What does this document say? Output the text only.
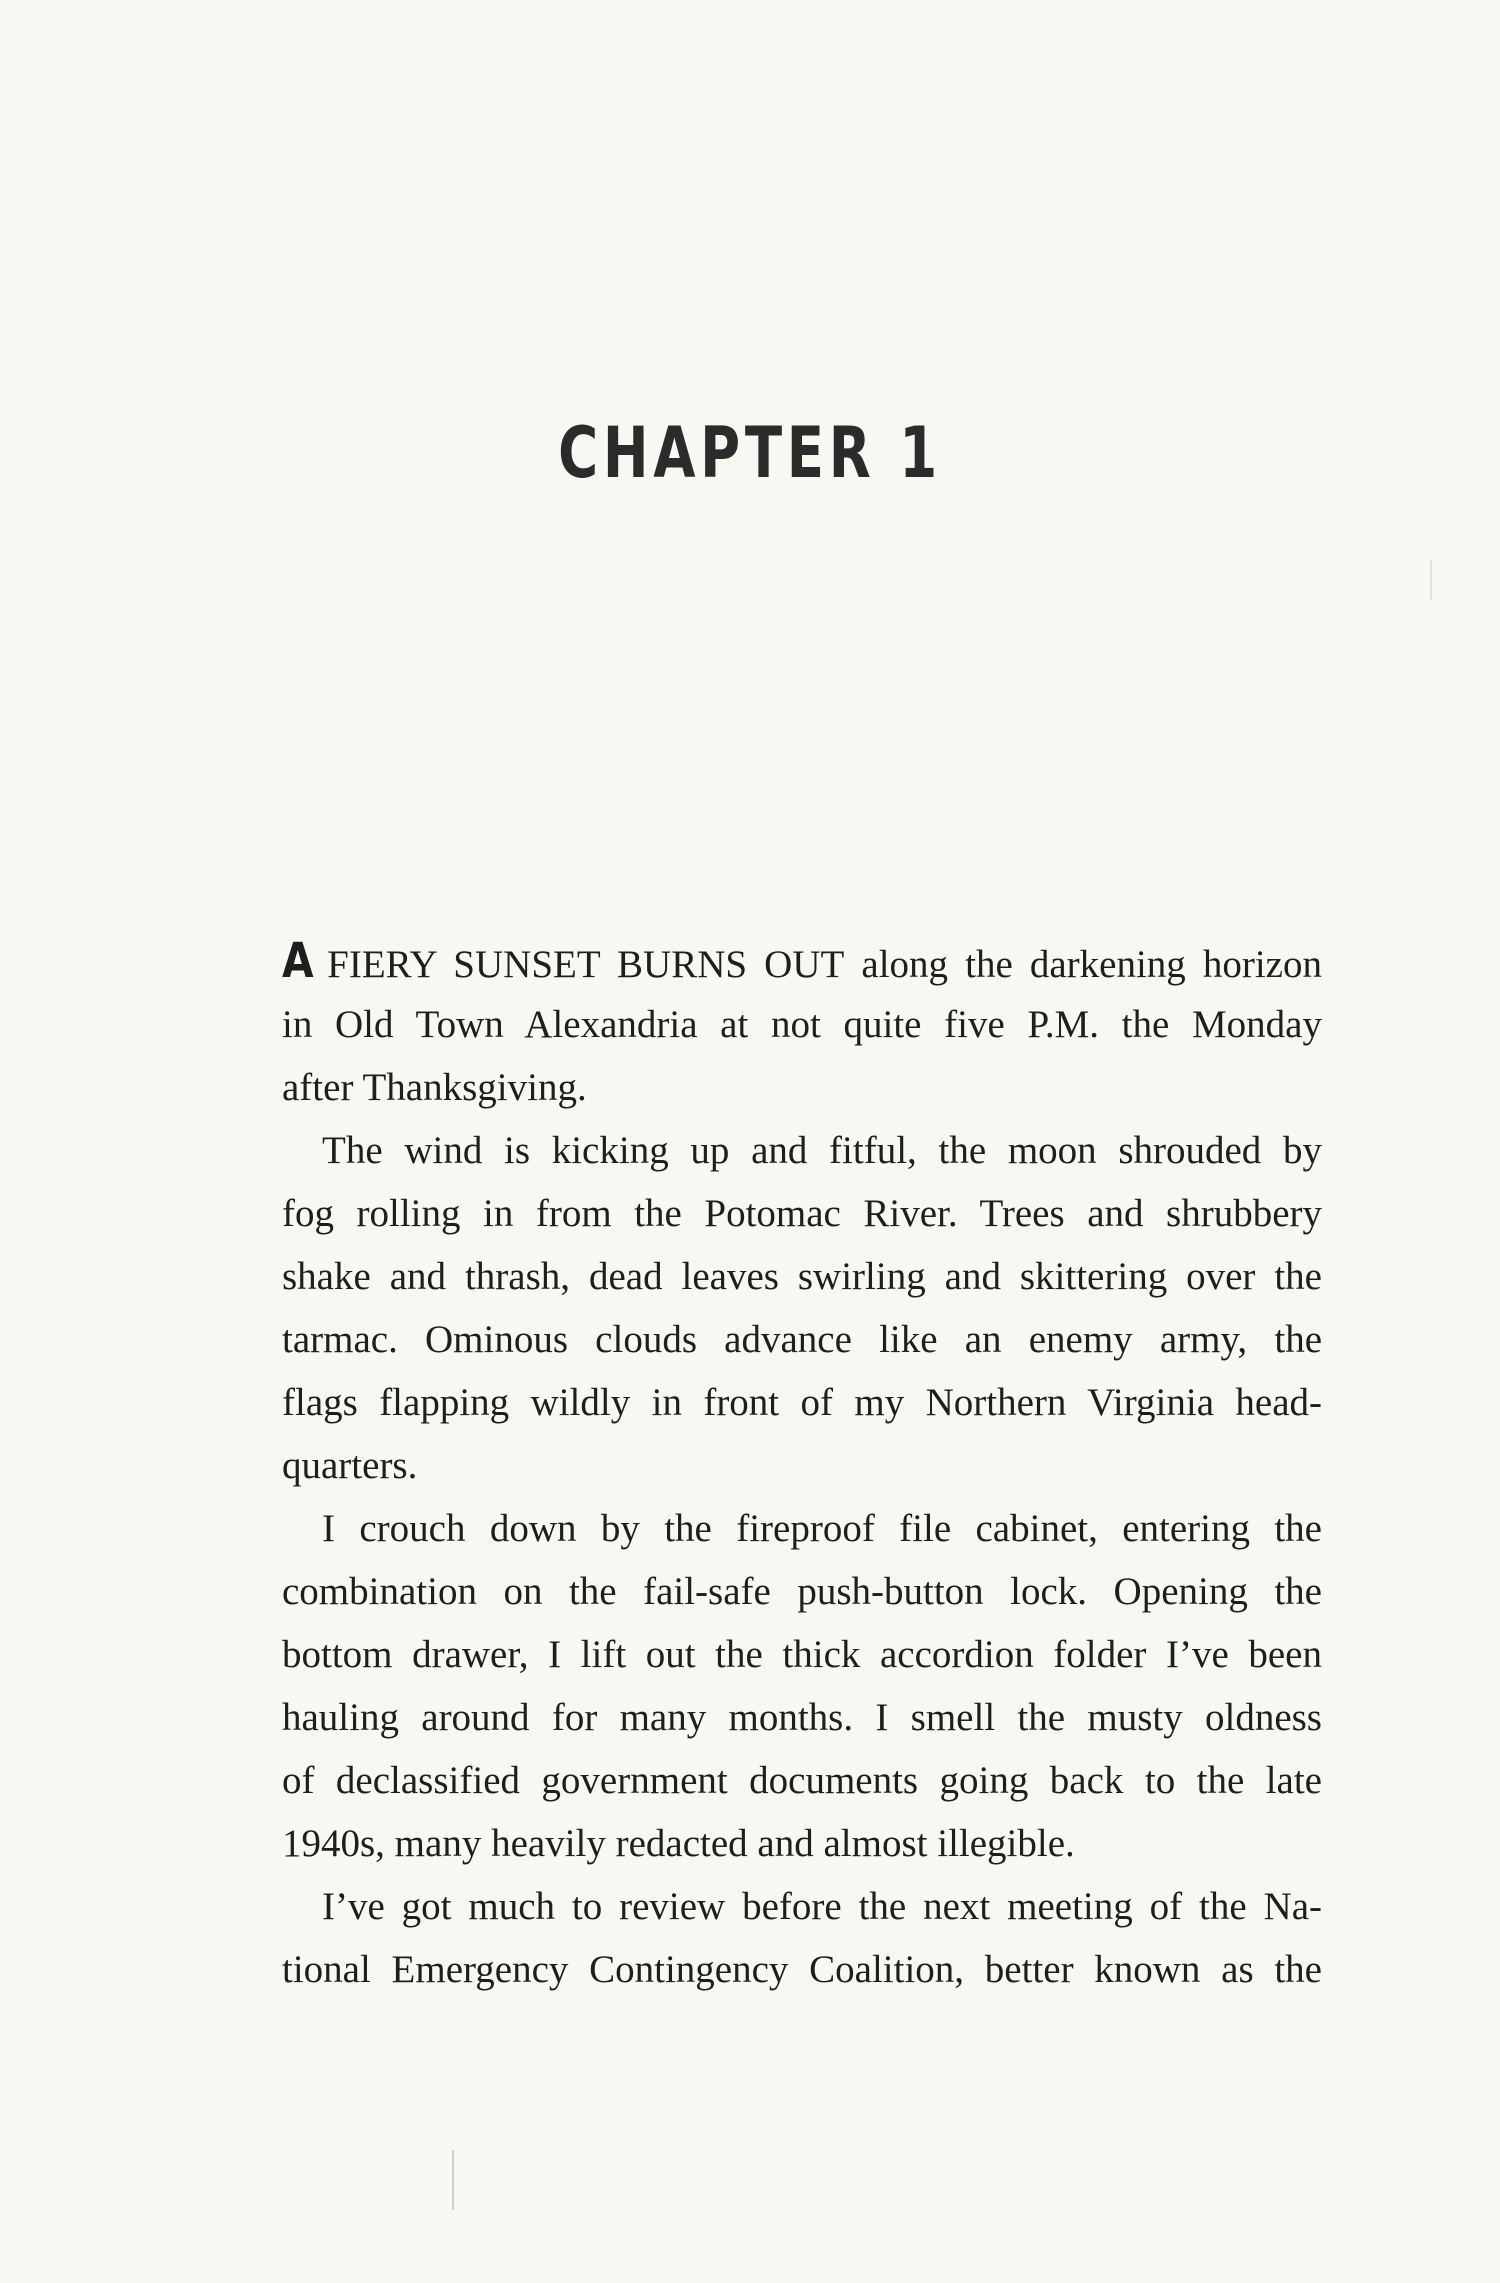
CHAPTER 1
A FIERY SUNSET BURNS OUT along the darkening horizon
in Old Town Alexandria at not quite five P.M. the Monday
after Thanksgiving.
The wind is kicking up and fitful, the moon shrouded by
fog rolling in from the Potomac River. Trees and shrubbery
shake and thrash, dead leaves swirling and skittering over the
tarmac. Ominous clouds advance like an enemy army, the
flags flapping wildly in front of my Northern Virginia head-
quarters.
I crouch down by the fireproof file cabinet, entering the
combination on the fail-safe push-button lock. Opening the
bottom drawer, I lift out the thick accordion folder I’ve been
hauling around for many months. I smell the musty oldness
of declassified government documents going back to the late
1940s, many heavily redacted and almost illegible.
I’ve got much to review before the next meeting of the Na-
tional Emergency Contingency Coalition, better known as the
